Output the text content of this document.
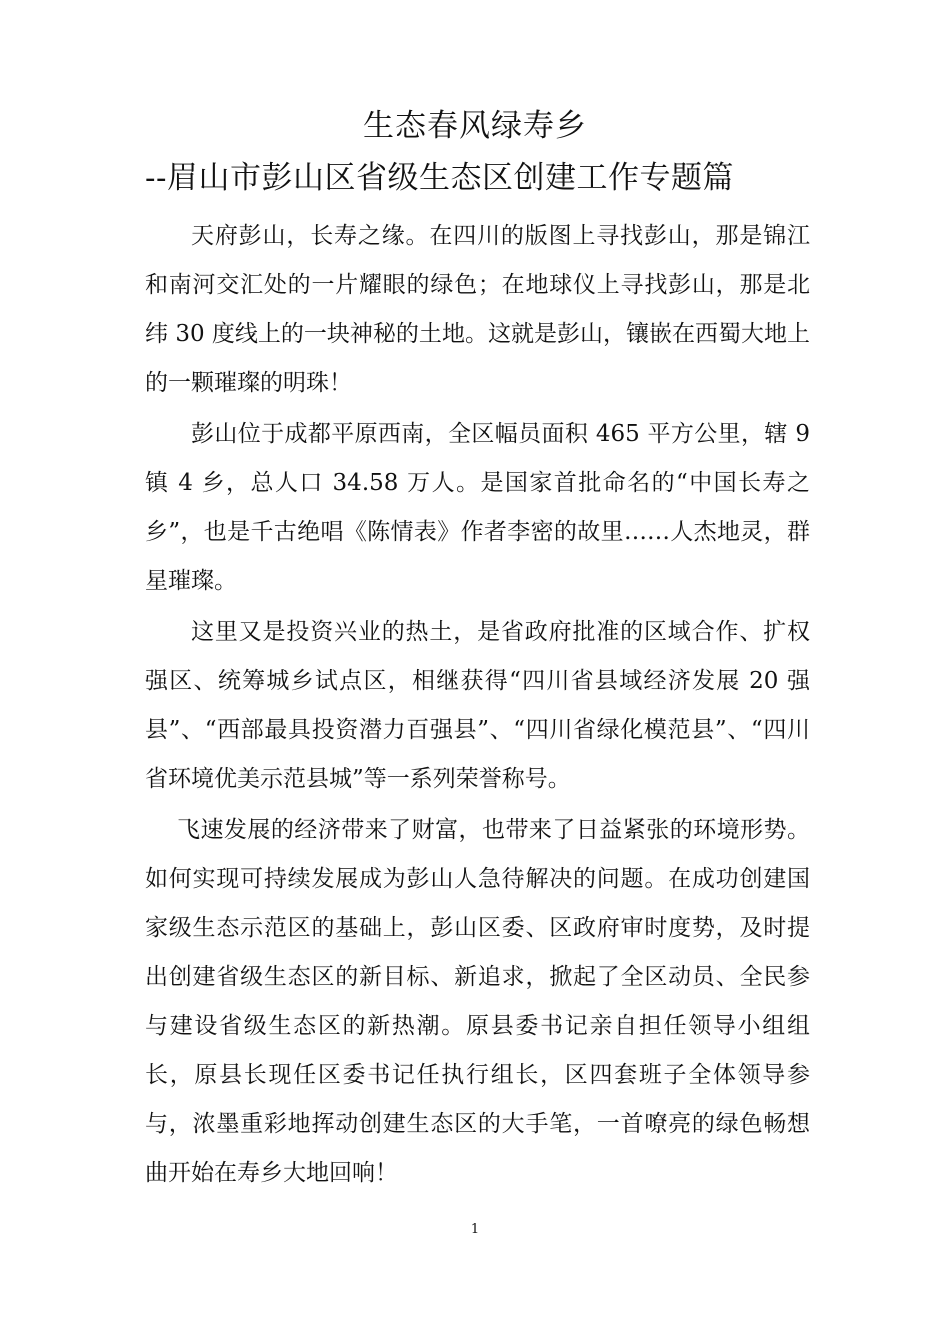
生态春风绿寿乡
--眉山市彭山区省级生态区创建工作专题篇

天府彭山，长寿之缘。在四川的版图上寻找彭山，那是锦江和南河交汇处的一片耀眼的绿色；在地球仪上寻找彭山，那是北纬 30 度线上的一块神秘的土地。这就是彭山，镶嵌在西蜀大地上的一颗璀璨的明珠！

彭山位于成都平原西南，全区幅员面积 465 平方公里，辖 9 镇 4 乡，总人口 34.58 万人。是国家首批命名的“中国长寿之乡”，也是千古绝唱《陈情表》作者李密的故里……人杰地灵，群星璀璨。

这里又是投资兴业的热土，是省政府批准的区域合作、扩权强区、统筹城乡试点区，相继获得“四川省县域经济发展 20 强县”、“西部最具投资潜力百强县”、“四川省绿化模范县”、“四川省环境优美示范县城”等一系列荣誉称号。

飞速发展的经济带来了财富，也带来了日益紧张的环境形势。如何实现可持续发展成为彭山人急待解决的问题。在成功创建国家级生态示范区的基础上，彭山区委、区政府审时度势，及时提出创建省级生态区的新目标、新追求，掀起了全区动员、全民参与建设省级生态区的新热潮。原县委书记亲自担任领导小组组长，原县长现任区委书记任执行组长，区四套班子全体领导参与，浓墨重彩地挥动创建生态区的大手笔，一首嘹亮的绿色畅想曲开始在寿乡大地回响！

1
